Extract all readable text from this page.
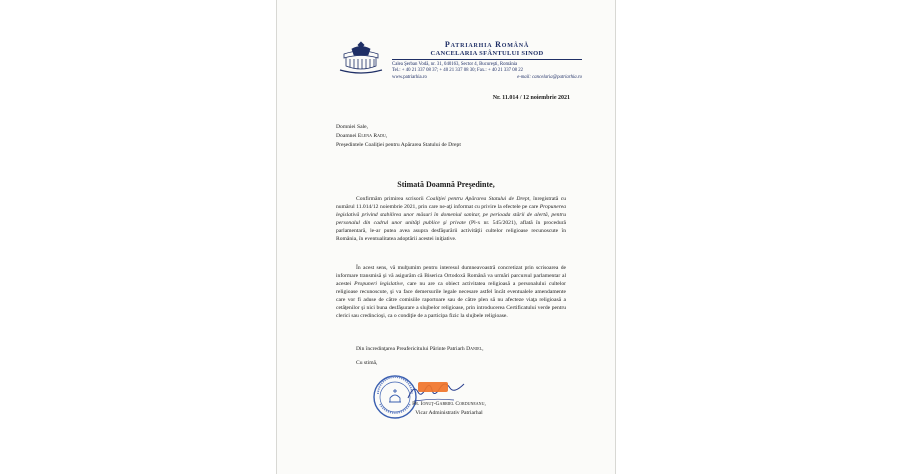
Patriarhia Română
CANCELARIA SFÂNTULUI SINOD
Calea Şerban Vodă, nr. 31, 040163, Sector 4, Bucureşti, România
Tel.: + 40 21 337 08 37; + 40 21 337 08 30; Fax.: + 40 21 337 08 22
www.patriarhia.ro	e-mail: cancelaria@patriarhia.ro
Nr. 11.014 / 12 noiembrie 2021
Domniei Sale,
Doamnei Elena Radu,
Preşedintele Coaliţiei pentru Apărarea Statului de Drept
Stimată Doamnă Preşedinte,

Confirmăm primirea scrisorii Coaliţiei pentru Apărarea Statului de Drept, înregistrată cu numărul 11.014/12 noiembrie 2021, prin care ne-aţi informat cu privire la efectele pe care Propunerea legislativă privind stabilirea unor măsuri în domeniul sanitar, pe perioada stării de alertă, pentru personalul din cadrul unor unităţi publice şi private (Pl-x nr. 545/2021), aflată în procedură parlamentară, le-ar putea avea asupra desfăşurării activităţii cultelor religioase recunoscute în România, în eventualitatea adoptării acestei iniţiative.

În acest sens, vă mulţumim pentru interesul dumneavoastră concretizat prin scrisoarea de informare transmisă şi vă asigurăm că Biserica Ortodoxă Română va urmări parcursul parlamentar al acestei Propuneri legislative, care nu are ca obiect activitatea religioasă a personalului cultelor religioase recunoscute, şi va face demersurile legale necesare astfel încât eventualele amendamente care vor fi aduse de către comisiile raportoare sau de către plen să nu afecteze viaţa religioasă a cetăţenilor şi nici buna desfăşurare a slujbelor religioase, prin introducerea Certificatului verde pentru clerici sau credincioşi, ca o condiţie de a participa fizic la slujbele religioase.

Din încredinţarea Preafericitului Părinte Patriarh Daniel,

Cu stimă,

Pr. Ionuţ-Gabriel Corduneanu,
Vicar Administrativ Patriarhal
